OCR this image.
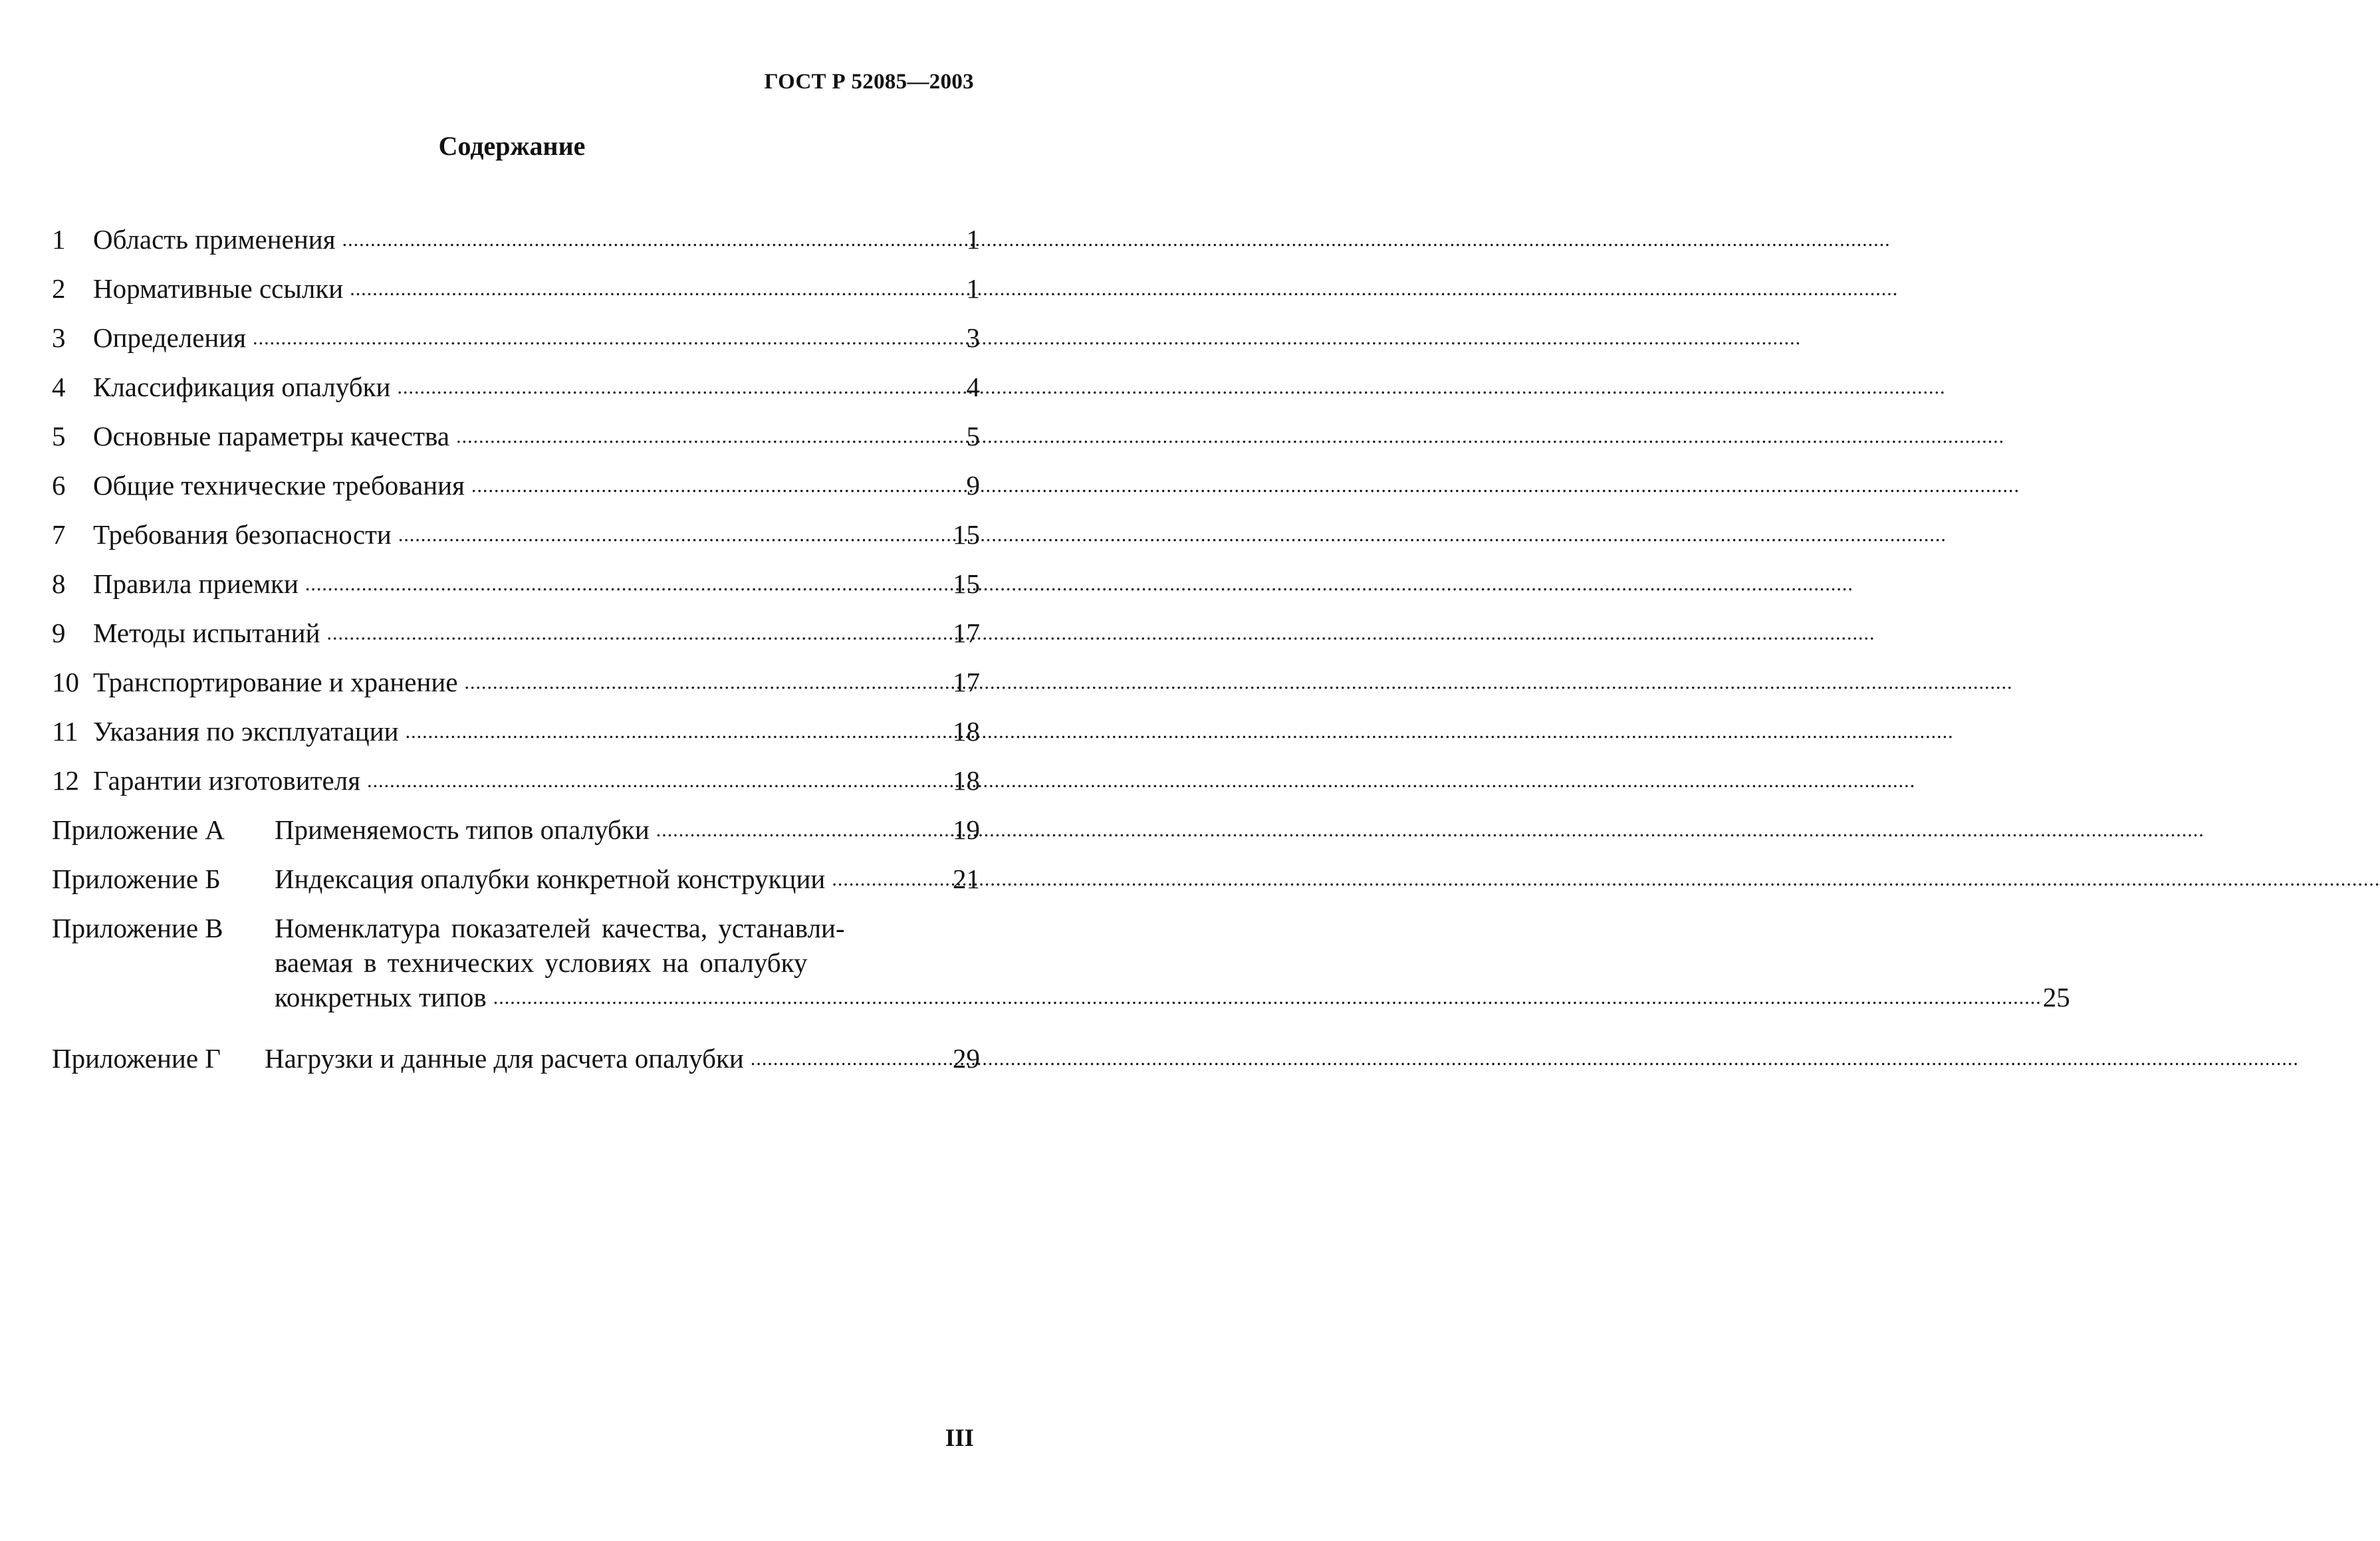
ГОСТ Р 52085—2003
Содержание
1	Область применения .....	1
2	Нормативные ссылки .....	1
3	Определения .....	3
4	Классификация опалубки .....	4
5	Основные параметры качества .....	5
6	Общие технические требования .....	9
7	Требования безопасности .....	15
8	Правила приемки .....	15
9	Методы испытаний .....	17
10 Транспортирование и хранение .....	17
11 Указания по эксплуатации .....	18
12 Гарантии изготовителя .....	18
Приложение А	Применяемость типов опалубки .....	19
Приложение Б	Индексация опалубки конкретной конструкции .....	21
Приложение В	Номенклатура показателей качества, устанавли-
ваемая в технических условиях на опалубку
конкретных типов .....	25
Приложение Г	Нагрузки и данные для расчета опалубки .....	29
III
